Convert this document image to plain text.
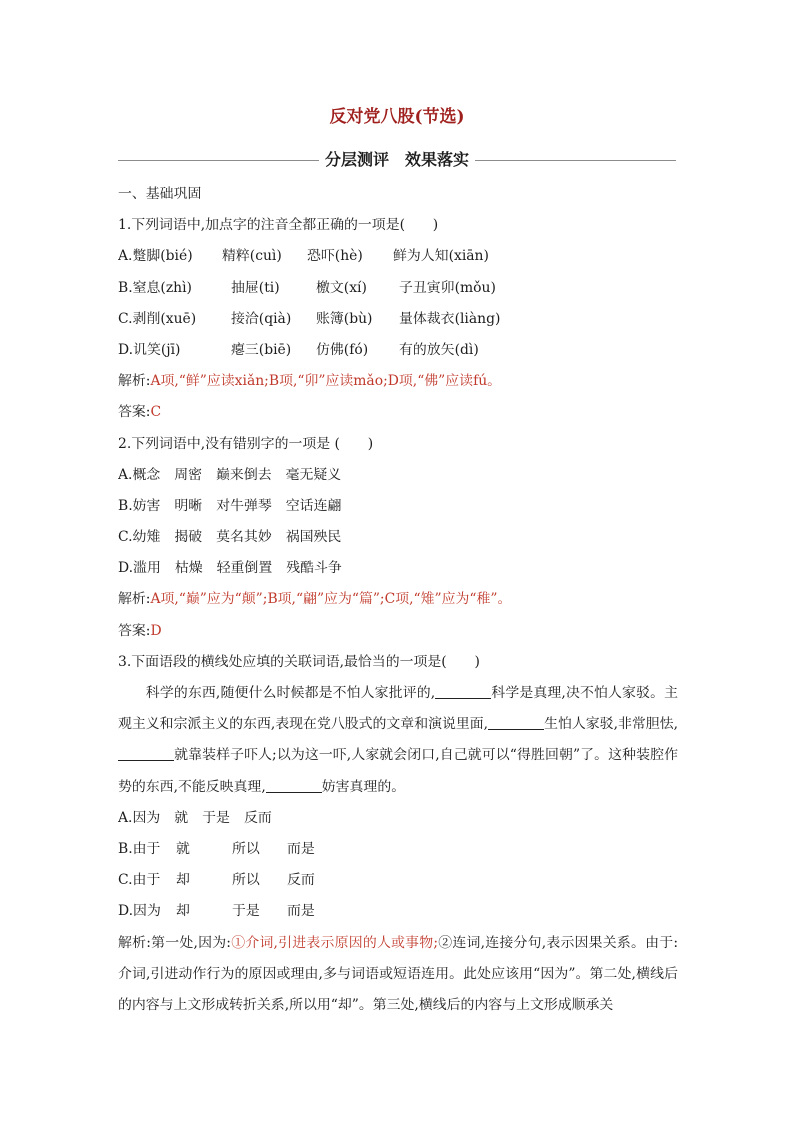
反对党八股(节选)
分层测评　效果落实
一、基础巩固
1.下列词语中,加点字的注音全都正确的一项是(　　)
A.蹩脚(bié) 精粹(cuì) 恐吓(hè) 鲜为人知(xiān)
B.窒息(zhì)	抽屉(ti)	檄文(xí) 子丑寅卯(mǒu)
C.剥削(xuē)	接洽(qià) 账簿(bù) 量体裁衣(liàng)
D.讥笑(jī)	瘪三(biē) 仿佛(fó) 有的放矢(dì)
解析:A项,“鲜”应读xiǎn;B项,“卯”应读mǎo;D项,“佛”应读fú。
答案:C
2.下列词语中,没有错别字的一项是 (　　)
A.概念 周密 巅来倒去 毫无疑义
B.妨害 明晰 对牛弹琴 空话连翩
C.幼雉 揭破 莫名其妙 祸国殃民
D.滥用 枯燥 轻重倒置 残酷斗争
解析:A项,“巅”应为“颠”;B项,“翩”应为“篇”;C项,“雉”应为“稚”。
答案:D
3.下面语段的横线处应填的关联词语,最恰当的一项是(　　)
科学的东西,随便什么时候都是不怕人家批评的,	科学是真理,决不怕人家驳。主观主义和宗派主义的东西,表现在党八股式的文章和演说里面,	生怕人家驳,非常胆怯,就靠装样子吓人;以为这一吓,人家就会闭口,自己就可以“得胜回朝”了。这种装腔作势的东西,不能反映真理,	妨害真理的。
A.因为 就 于是 反而
B.由于 就	所以 而是
C.由于 却	所以 反而
D.因为 却	于是 而是
解析:第一处,因为:①介词,引进表示原因的人或事物;②连词,连接分句,表示因果关系。由于:介词,引进动作行为的原因或理由,多与词语或短语连用。此处应该用“因为”。第二处,横线后的内容与上文形成转折关系,所以用“却”。第三处,横线后的内容与上文形成顺承关
